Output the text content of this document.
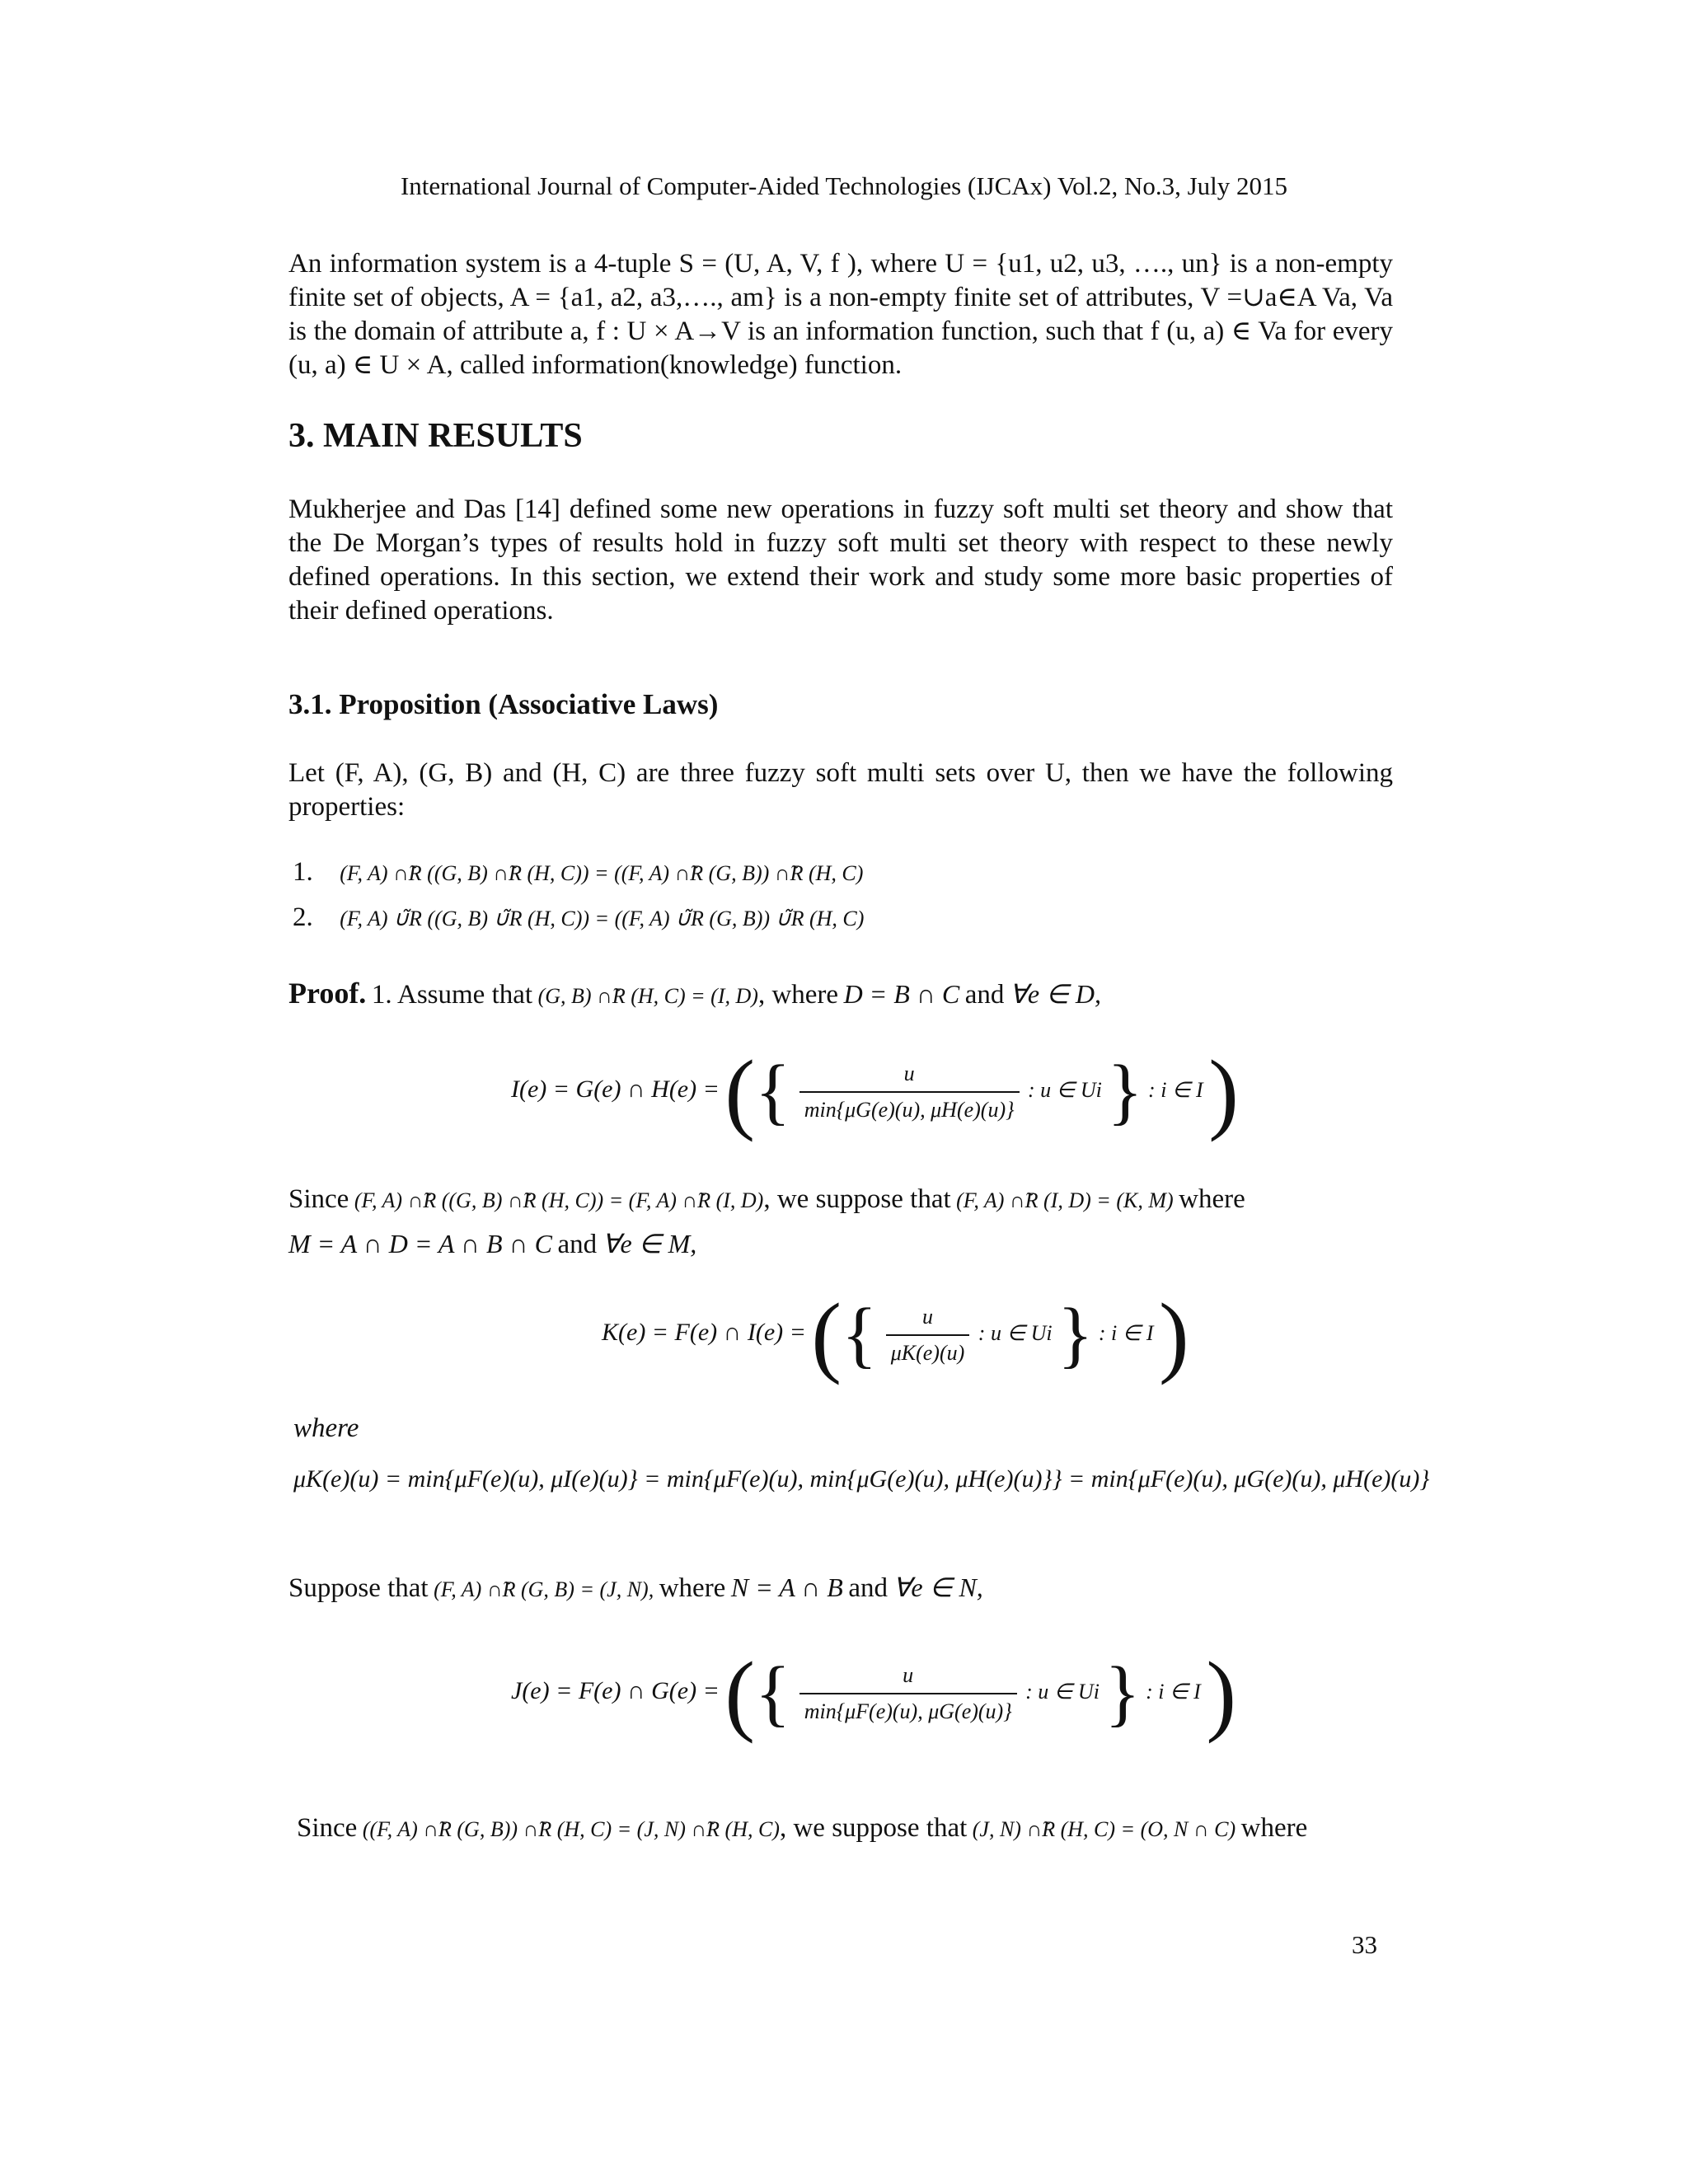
International Journal of Computer-Aided Technologies (IJCAx) Vol.2, No.3, July 2015

An information system is a 4-tuple S = (U, A, V, f ), where U = {u1, u2, u3, …., un} is a non-empty finite set of objects, A = {a1, a2, a3,…., am} is a non-empty finite set of attributes, V =∪a∈A Va, Va is the domain of attribute a, f : U × A→V is an information function, such that f (u, a) ∈ Va for every (u, a) ∈ U × A, called information(knowledge) function.

3. MAIN RESULTS

Mukherjee and Das [14] defined some new operations in fuzzy soft multi set theory and show that the De Morgan’s types of results hold in fuzzy soft multi set theory with respect to these newly defined operations. In this section, we extend their work and study some more basic properties of their defined operations.

3.1. Proposition (Associative Laws)

Let (F, A), (G, B) and (H, C) are three fuzzy soft multi sets over U, then we have the following properties:

1. (F, A) ∩̃R ((G, B) ∩̃R (H, C)) = ((F, A) ∩̃R (G, B)) ∩̃R (H, C)
2. (F, A) ∪̃R ((G, B) ∪̃R (H, C)) = ((F, A) ∪̃R (G, B)) ∪̃R (H, C)
Proof. 1. Assume that (G, B) ∩̃R (H, C) = (I, D), where D = B ∩ C and ∀e ∈ D,
I(e) = G(e) ∩ H(e) = ({ $\frac{u}{\min\{\mu G(e)(u), \mu H(e)(u)\}}$ : u ∈ Ui } : i ∈ I )
Since (F, A) ∩̃R ((G, B) ∩̃R (H, C)) = (F, A) ∩̃R (I, D), we suppose that (F, A) ∩̃R (I, D) = (K, M) where
M = A ∩ D = A ∩ B ∩ C and ∀e ∈ M,
K(e) = F(e) ∩ I(e) = ({ $\frac{u}{\mu K(e)(u)}$ : u ∈ Ui } : i ∈ I )
where
μK(e)(u) = min{μF(e)(u), μI(e)(u)} = min{μF(e)(u), min{μG(e)(u), μH(e)(u)}} = min{μF(e)(u), μG(e)(u), μH(e)(u)}
Suppose that (F, A) ∩̃R (G, B) = (J, N), where N = A ∩ B and ∀e ∈ N,
J(e) = F(e) ∩ G(e) = ({ $\frac{u}{\min\{\mu F(e)(u), \mu G(e)(u)\}}$ : u ∈ Ui } : i ∈ I )
Since ((F, A) ∩̃R (G, B)) ∩̃R (H, C) = (J, N) ∩̃R (H, C), we suppose that (J, N) ∩̃R (H, C) = (O, N ∩ C) where
33
